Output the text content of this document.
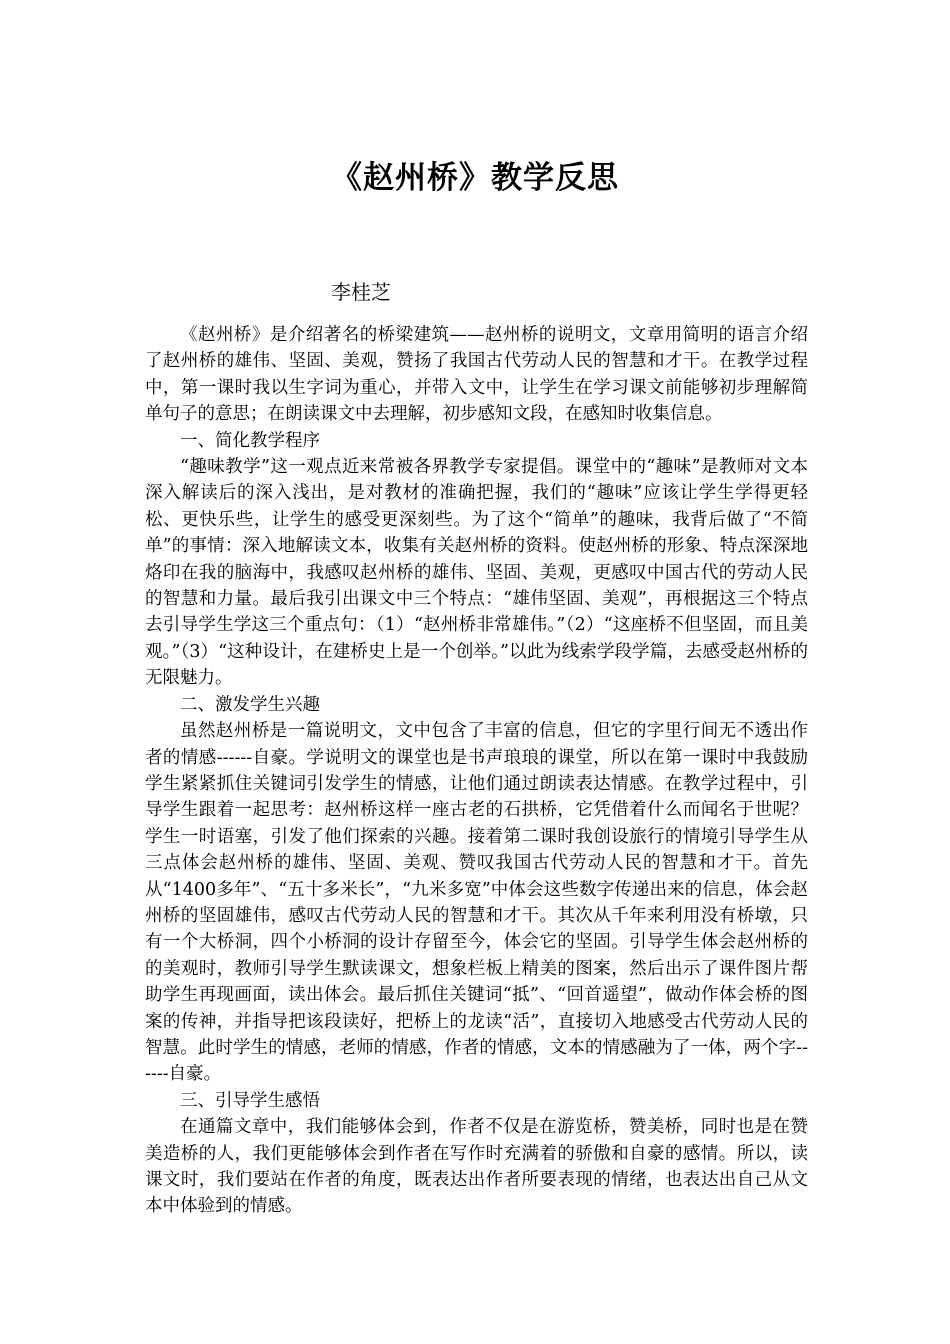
《赵州桥》教学反思
李桂芝

《赵州桥》是介绍著名的桥梁建筑——赵州桥的说明文，文章用简明的语言介绍了赵州桥的雄伟、坚固、美观，赞扬了我国古代劳动人民的智慧和才干。在教学过程中，第一课时我以生字词为重心，并带入文中，让学生在学习课文前能够初步理解简单句子的意思；在朗读课文中去理解，初步感知文段，在感知时收集信息。

一、简化教学程序

“趣味教学”这一观点近来常被各界教学专家提倡。课堂中的“趣味”是教师对文本深入解读后的深入浅出，是对教材的准确把握，我们的“趣味”应该让学生学得更轻松、更快乐些，让学生的感受更深刻些。为了这个“简单”的趣味，我背后做了“不简单”的事情：深入地解读文本，收集有关赵州桥的资料。使赵州桥的形象、特点深深地烙印在我的脑海中，我感叹赵州桥的雄伟、坚固、美观，更感叹中国古代的劳动人民的智慧和力量。最后我引出课文中三个特点：“雄伟坚固、美观”，再根据这三个特点去引导学生学这三个重点句：（1）“赵州桥非常雄伟。”（2）“这座桥不但坚固，而且美观。”（3）“这种设计，在建桥史上是一个创举。”以此为线索学段学篇，去感受赵州桥的无限魅力。

二、激发学生兴趣

虽然赵州桥是一篇说明文，文中包含了丰富的信息，但它的字里行间无不透出作者的情感------自豪。学说明文的课堂也是书声琅琅的课堂，所以在第一课时中我鼓励学生紧紧抓住关键词引发学生的情感，让他们通过朗读表达情感。在教学过程中，引导学生跟着一起思考：赵州桥这样一座古老的石拱桥，它凭借着什么而闻名于世呢？学生一时语塞，引发了他们探索的兴趣。接着第二课时我创设旅行的情境引导学生从三点体会赵州桥的雄伟、坚固、美观、赞叹我国古代劳动人民的智慧和才干。首先从“1400多年”、“五十多米长”，“九米多宽”中体会这些数字传递出来的信息，体会赵州桥的坚固雄伟，感叹古代劳动人民的智慧和才干。其次从千年来利用没有桥墩，只有一个大桥洞，四个小桥洞的设计存留至今，体会它的坚固。引导学生体会赵州桥的的美观时，教师引导学生默读课文，想象栏板上精美的图案，然后出示了课件图片帮助学生再现画面，读出体会。最后抓住关键词“抵”、“回首遥望”，做动作体会桥的图案的传神，并指导把该段读好，把桥上的龙读“活”，直接切入地感受古代劳动人民的智慧。此时学生的情感，老师的情感，作者的情感，文本的情感融为了一体，两个字------自豪。

三、引导学生感悟

在通篇文章中，我们能够体会到，作者不仅是在游览桥，赞美桥，同时也是在赞美造桥的人，我们更能够体会到作者在写作时充满着的骄傲和自豪的感情。所以，读课文时，我们要站在作者的角度，既表达出作者所要表现的情绪，也表达出自己从文本中体验到的情感。
